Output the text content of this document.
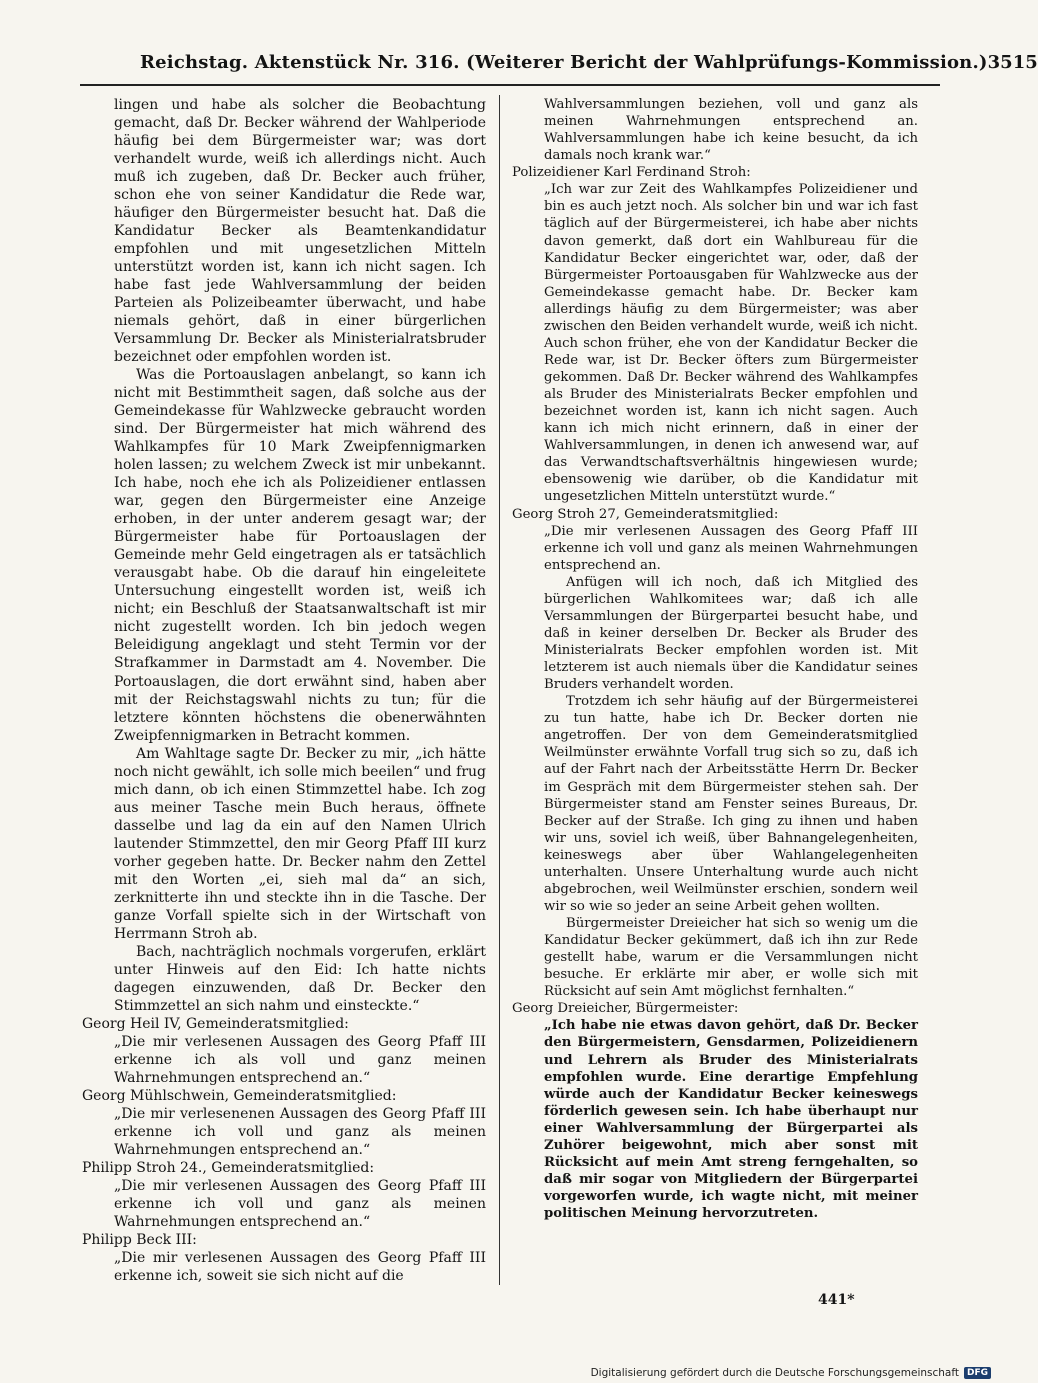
Reichstag. Aktenstück Nr. 316. (Weiterer Bericht der Wahlprüfungs-Kommission.) 3515

lingen und habe als solcher die Beobachtung gemacht, daß Dr. Becker während der Wahlperiode häufig bei dem Bürgermeister war; was dort verhandelt wurde, weiß ich allerdings nicht. Auch muß ich zugeben, daß Dr. Becker auch früher, schon ehe von seiner Kandidatur die Rede war, häufiger den Bürgermeister besucht hat. Daß die Kandidatur Becker als Beamtenkandidatur empfohlen und mit ungesetzlichen Mitteln unterstützt worden ist, kann ich nicht sagen. Ich habe fast jede Wahlversammlung der beiden Parteien als Polizeibeamter überwacht, und habe niemals gehört, daß in einer bürgerlichen Versammlung Dr. Becker als Ministerialratsbruder bezeichnet oder empfohlen worden ist.

Was die Portoauslagen anbelangt, so kann ich nicht mit Bestimmtheit sagen, daß solche aus der Gemeindekasse für Wahlzwecke gebraucht worden sind. Der Bürgermeister hat mich während des Wahlkampfes für 10 Mark Zweipfennigmarken holen lassen; zu welchem Zweck ist mir unbekannt. Ich habe, noch ehe ich als Polizeidiener entlassen war, gegen den Bürgermeister eine Anzeige erhoben, in der unter anderem gesagt war; der Bürgermeister habe für Portoauslagen der Gemeinde mehr Geld eingetragen als er tatsächlich verausgabt habe. Ob die darauf hin eingeleitete Untersuchung eingestellt worden ist, weiß ich nicht; ein Beschluß der Staatsanwaltschaft ist mir nicht zugestellt worden. Ich bin jedoch wegen Beleidigung angeklagt und steht Termin vor der Strafkammer in Darmstadt am 4. November. Die Portoauslagen, die dort erwähnt sind, haben aber mit der Reichstagswahl nichts zu tun; für die letztere könnten höchstens die obenerwähnten Zweipfennigmarken in Betracht kommen.

Am Wahltage sagte Dr. Becker zu mir, „ich hätte noch nicht gewählt, ich solle mich beeilen“ und frug mich dann, ob ich einen Stimmzettel habe. Ich zog aus meiner Tasche mein Buch heraus, öffnete dasselbe und lag da ein auf den Namen Ulrich lautender Stimmzettel, den mir Georg Pfaff III kurz vorher gegeben hatte. Dr. Becker nahm den Zettel mit den Worten „ei, sieh mal da“ an sich, zerknitterte ihn und steckte ihn in die Tasche. Der ganze Vorfall spielte sich in der Wirtschaft von Herrmann Stroh ab.

Bach, nachträglich nochmals vorgerufen, erklärt unter Hinweis auf den Eid: Ich hatte nichts dagegen einzuwenden, daß Dr. Becker den Stimmzettel an sich nahm und einsteckte.“

Georg Heil IV, Gemeinderatsmitglied:

„Die mir verlesenen Aussagen des Georg Pfaff III erkenne ich als voll und ganz meinen Wahrnehmungen entsprechend an.“

Georg Mühlschwein, Gemeinderatsmitglied:

„Die mir verlesenenen Aussagen des Georg Pfaff III erkenne ich voll und ganz als meinen Wahrnehmungen entsprechend an.“

Philipp Stroh 24., Gemeinderatsmitglied:

„Die mir verlesenen Aussagen des Georg Pfaff III erkenne ich voll und ganz als meinen Wahrnehmungen entsprechend an.“

Philipp Beck III:

„Die mir verlesenen Aussagen des Georg Pfaff III erkenne ich, soweit sie sich nicht auf die

Wahlversammlungen beziehen, voll und ganz als meinen Wahrnehmungen entsprechend an. Wahlversammlungen habe ich keine besucht, da ich damals noch krank war.“

Polizeidiener Karl Ferdinand Stroh:

„Ich war zur Zeit des Wahlkampfes Polizeidiener und bin es auch jetzt noch. Als solcher bin und war ich fast täglich auf der Bürgermeisterei, ich habe aber nichts davon gemerkt, daß dort ein Wahlbureau für die Kandidatur Becker eingerichtet war, oder, daß der Bürgermeister Portoausgaben für Wahlzwecke aus der Gemeindekasse gemacht habe. Dr. Becker kam allerdings häufig zu dem Bürgermeister; was aber zwischen den Beiden verhandelt wurde, weiß ich nicht. Auch schon früher, ehe von der Kandidatur Becker die Rede war, ist Dr. Becker öfters zum Bürgermeister gekommen. Daß Dr. Becker während des Wahlkampfes als Bruder des Ministerialrats Becker empfohlen und bezeichnet worden ist, kann ich nicht sagen. Auch kann ich mich nicht erinnern, daß in einer der Wahlversammlungen, in denen ich anwesend war, auf das Verwandtschaftsverhältnis hingewiesen wurde; ebensowenig wie darüber, ob die Kandidatur mit ungesetzlichen Mitteln unterstützt wurde.“

Georg Stroh 27, Gemeinderatsmitglied:

„Die mir verlesenen Aussagen des Georg Pfaff III erkenne ich voll und ganz als meinen Wahrnehmungen entsprechend an.

Anfügen will ich noch, daß ich Mitglied des bürgerlichen Wahlkomitees war; daß ich alle Versammlungen der Bürgerpartei besucht habe, und daß in keiner derselben Dr. Becker als Bruder des Ministerialrats Becker empfohlen worden ist. Mit letzterem ist auch niemals über die Kandidatur seines Bruders verhandelt worden.

Trotzdem ich sehr häufig auf der Bürgermeisterei zu tun hatte, habe ich Dr. Becker dorten nie angetroffen. Der von dem Gemeinderatsmitglied Weilmünster erwähnte Vorfall trug sich so zu, daß ich auf der Fahrt nach der Arbeitsstätte Herrn Dr. Becker im Gespräch mit dem Bürgermeister stehen sah. Der Bürgermeister stand am Fenster seines Bureaus, Dr. Becker auf der Straße. Ich ging zu ihnen und haben wir uns, soviel ich weiß, über Bahnangelegenheiten, keineswegs aber über Wahlangelegenheiten unterhalten. Unsere Unterhaltung wurde auch nicht abgebrochen, weil Weilmünster erschien, sondern weil wir so wie so jeder an seine Arbeit gehen wollten.

Bürgermeister Dreieicher hat sich so wenig um die Kandidatur Becker gekümmert, daß ich ihn zur Rede gestellt habe, warum er die Versammlungen nicht besuche. Er erklärte mir aber, er wolle sich mit Rücksicht auf sein Amt möglichst fernhalten.“

Georg Dreieicher, Bürgermeister:

„Ich habe nie etwas davon gehört, daß Dr. Becker den Bürgermeistern, Gensdarmen, Polizeidienern und Lehrern als Bruder des Ministerialrats empfohlen wurde. Eine derartige Empfehlung würde auch der Kandidatur Becker keineswegs förderlich gewesen sein. Ich habe überhaupt nur einer Wahlversammlung der Bürgerpartei als Zuhörer beigewohnt, mich aber sonst mit Rücksicht auf mein Amt streng ferngehalten, so daß mir sogar von Mitgliedern der Bürgerpartei vorgeworfen wurde, ich wagte nicht, mit meiner politischen Meinung hervorzutreten.

441*
Digitalisierung gefördert durch die Deutsche Forschungsgemeinschaft DFG
